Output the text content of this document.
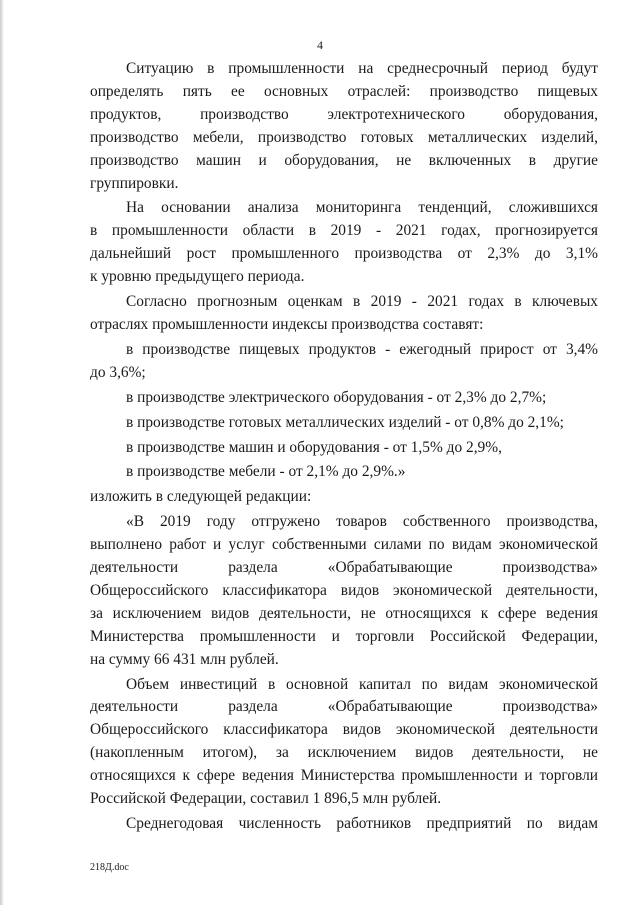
4

Ситуацию в промышленности на среднесрочный период будут

определять пять ее основных отраслей: производство пищевых

продуктов, производство электротехнического оборудования,

производство мебели, производство готовых металлических изделий,

производство машин и оборудования, не включенных в другие

группировки.

На основании анализа мониторинга тенденций, сложившихся

в промышленности области в 2019 - 2021 годах, прогнозируется

дальнейший рост промышленного производства от 2,3% до 3,1%

к уровню предыдущего периода.

Согласно прогнозным оценкам в 2019 - 2021 годах в ключевых

отраслях промышленности индексы производства составят:

в производстве пищевых продуктов - ежегодный прирост от 3,4%

до 3,6%;

в производстве электрического оборудования - от 2,3% до 2,7%;

в производстве готовых металлических изделий - от 0,8% до 2,1%;

в производстве машин и оборудования - от 1,5% до 2,9%,

в производстве мебели - от 2,1% до 2,9%.»

изложить в следующей редакции:

«В 2019 году отгружено товаров собственного производства,

выполнено работ и услуг собственными силами по видам экономической

деятельности раздела «Обрабатывающие производства»

Общероссийского классификатора видов экономической деятельности,

за исключением видов деятельности, не относящихся к сфере ведения

Министерства промышленности и торговли Российской Федерации,

на сумму 66 431 млн рублей.

Объем инвестиций в основной капитал по видам экономической

деятельности раздела «Обрабатывающие производства»

Общероссийского классификатора видов экономической деятельности

(накопленным итогом), за исключением видов деятельности, не

относящихся к сфере ведения Министерства промышленности и торговли

Российской Федерации, составил 1 896,5 млн рублей.

Среднегодовая численность работников предприятий по видам

218Д.doc
